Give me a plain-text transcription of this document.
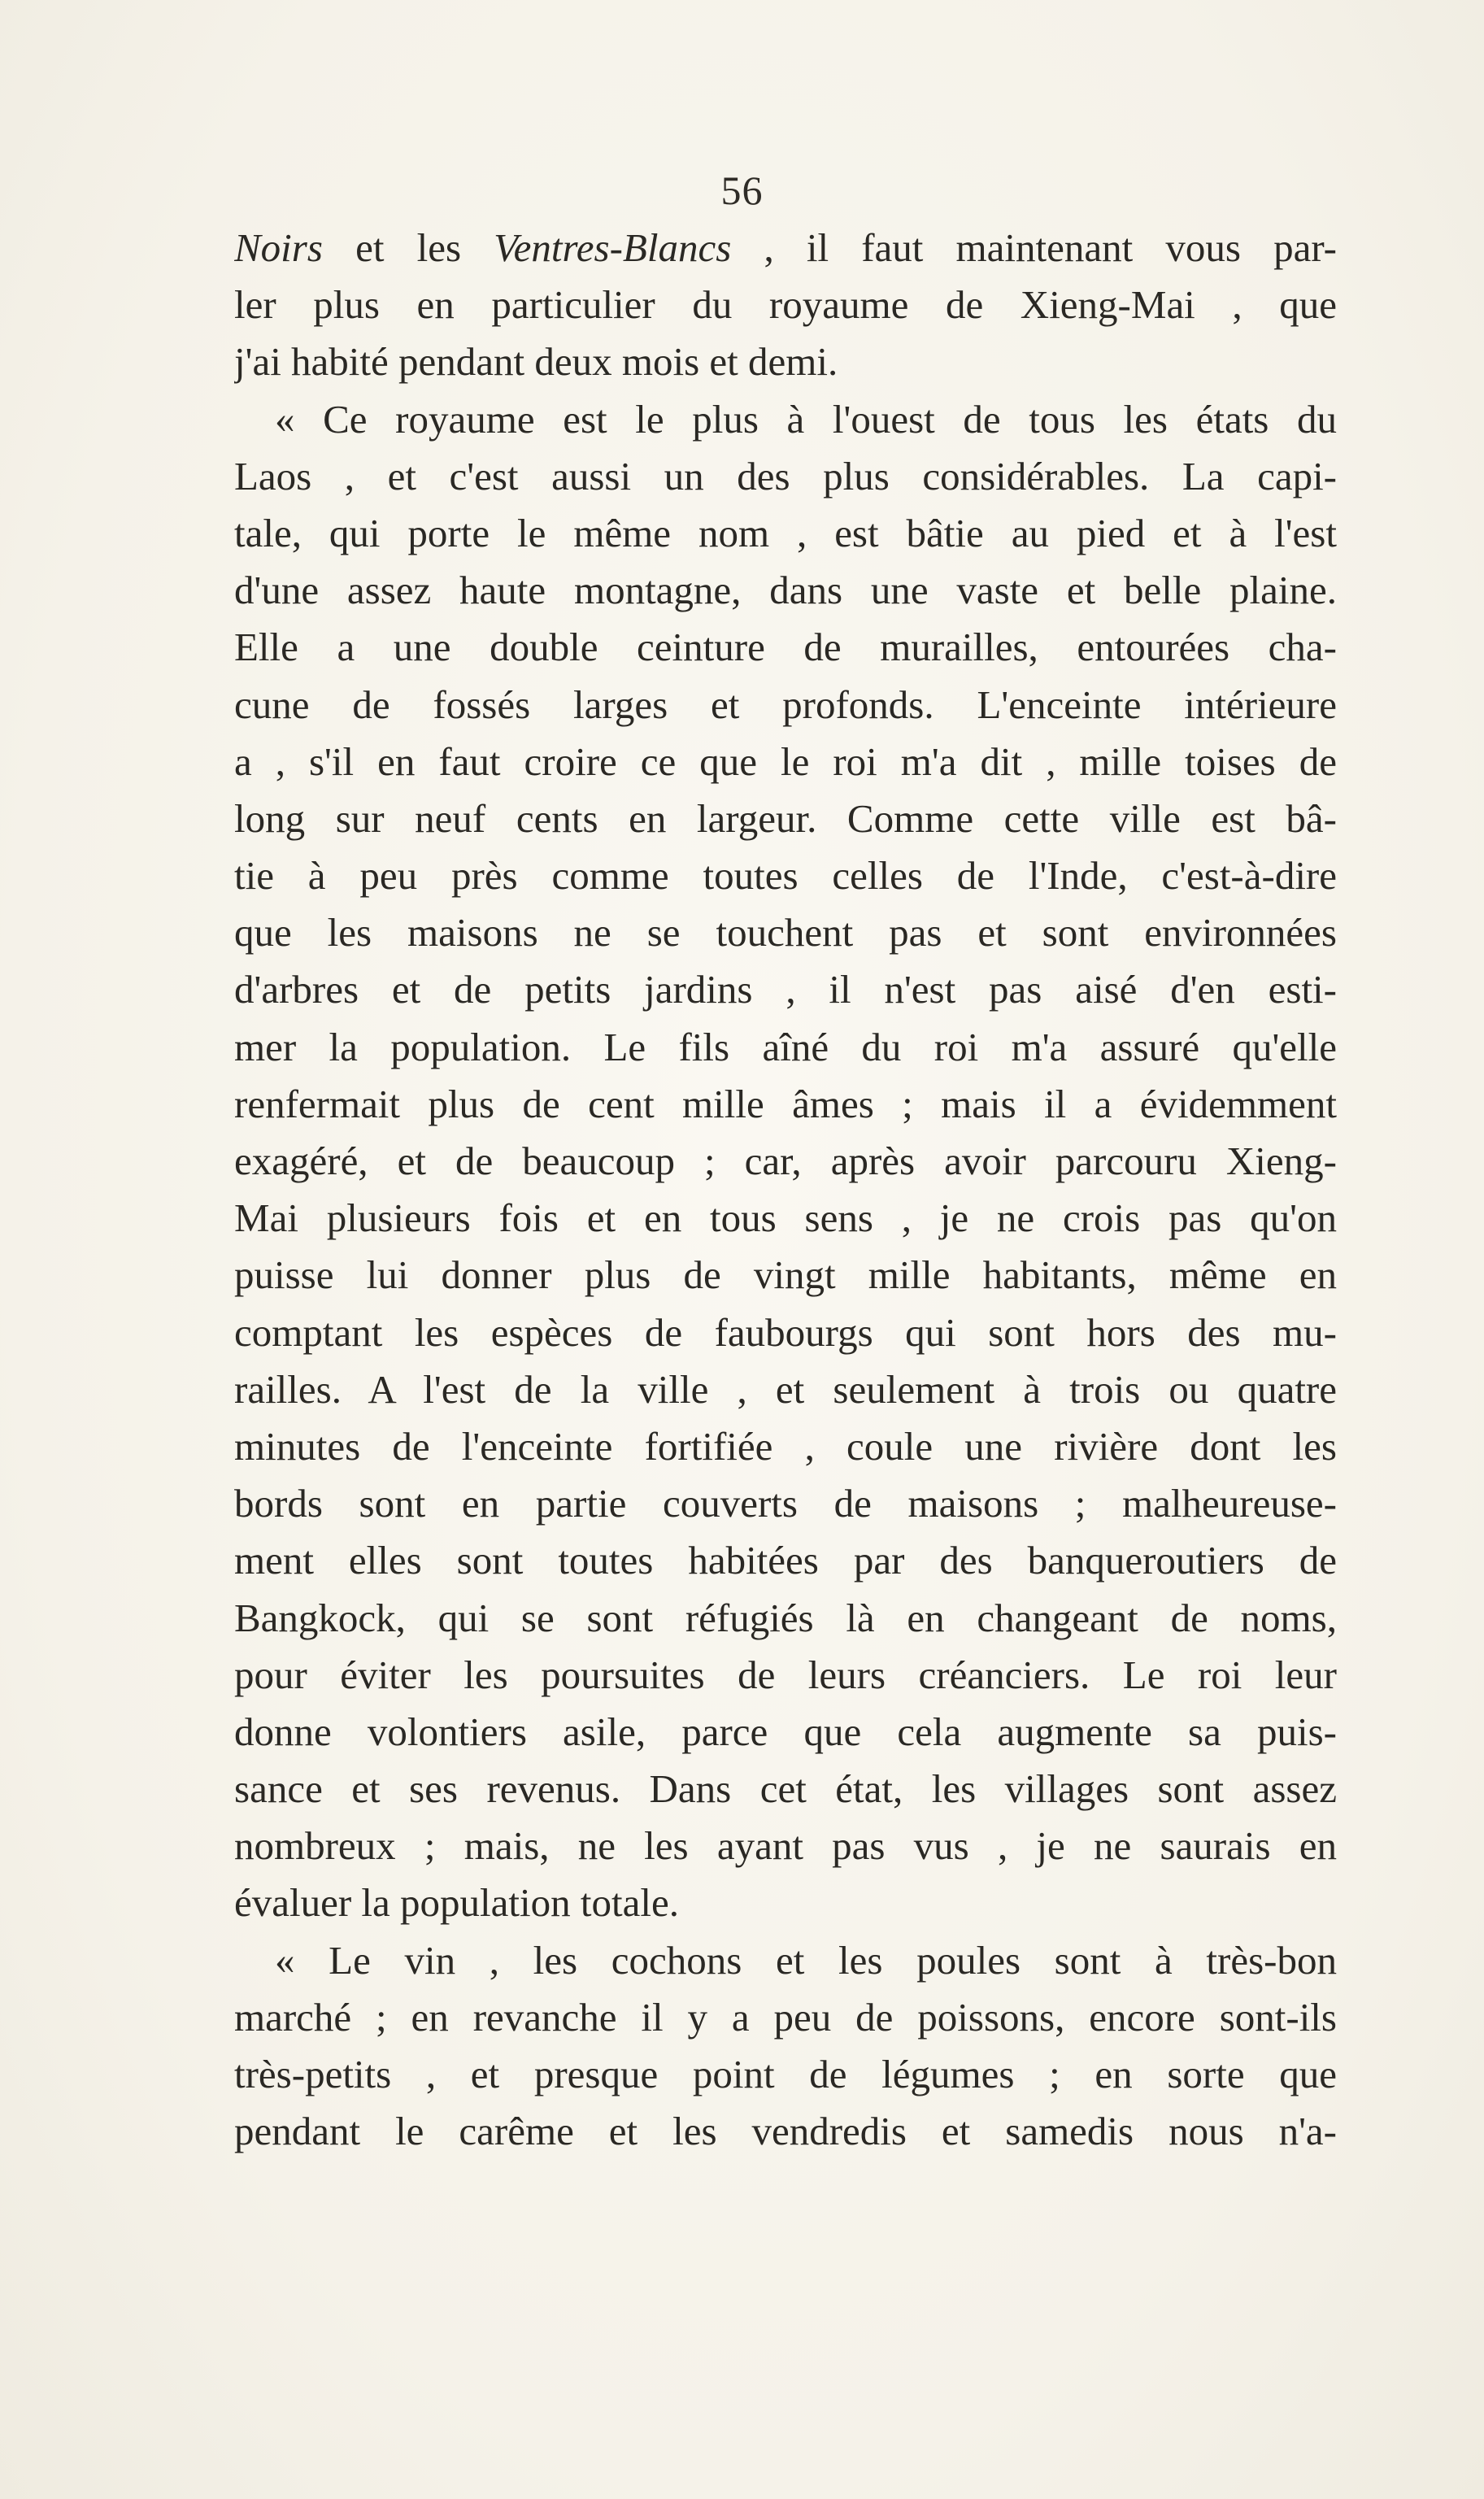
56
Noirs et les Ventres-Blancs , il faut maintenant vous par-
ler plus en particulier du royaume de Xieng-Mai , que
j'ai habité pendant deux mois et demi.
« Ce royaume est le plus à l'ouest de tous les états du
Laos , et c'est aussi un des plus considérables. La capi-
tale, qui porte le même nom , est bâtie au pied et à l'est
d'une assez haute montagne, dans une vaste et belle plaine.
Elle a une double ceinture de murailles, entourées cha-
cune de fossés larges et profonds. L'enceinte intérieure
a , s'il en faut croire ce que le roi m'a dit , mille toises de
long sur neuf cents en largeur. Comme cette ville est bâ-
tie à peu près comme toutes celles de l'Inde, c'est-à-dire
que les maisons ne se touchent pas et sont environnées
d'arbres et de petits jardins , il n'est pas aisé d'en esti-
mer la population. Le fils aîné du roi m'a assuré qu'elle
renfermait plus de cent mille âmes ; mais il a évidemment
exagéré, et de beaucoup ; car, après avoir parcouru Xieng-
Mai plusieurs fois et en tous sens , je ne crois pas qu'on
puisse lui donner plus de vingt mille habitants, même en
comptant les espèces de faubourgs qui sont hors des mu-
railles. A l'est de la ville , et seulement à trois ou quatre
minutes de l'enceinte fortifiée , coule une rivière dont les
bords sont en partie couverts de maisons ; malheureuse-
ment elles sont toutes habitées par des banqueroutiers de
Bangkock, qui se sont réfugiés là en changeant de noms,
pour éviter les poursuites de leurs créanciers. Le roi leur
donne volontiers asile, parce que cela augmente sa puis-
sance et ses revenus. Dans cet état, les villages sont assez
nombreux ; mais, ne les ayant pas vus , je ne saurais en
évaluer la population totale.
« Le vin , les cochons et les poules sont à très-bon
marché ; en revanche il y a peu de poissons, encore sont-ils
très-petits , et presque point de légumes ; en sorte que
pendant le carême et les vendredis et samedis nous n'a-
